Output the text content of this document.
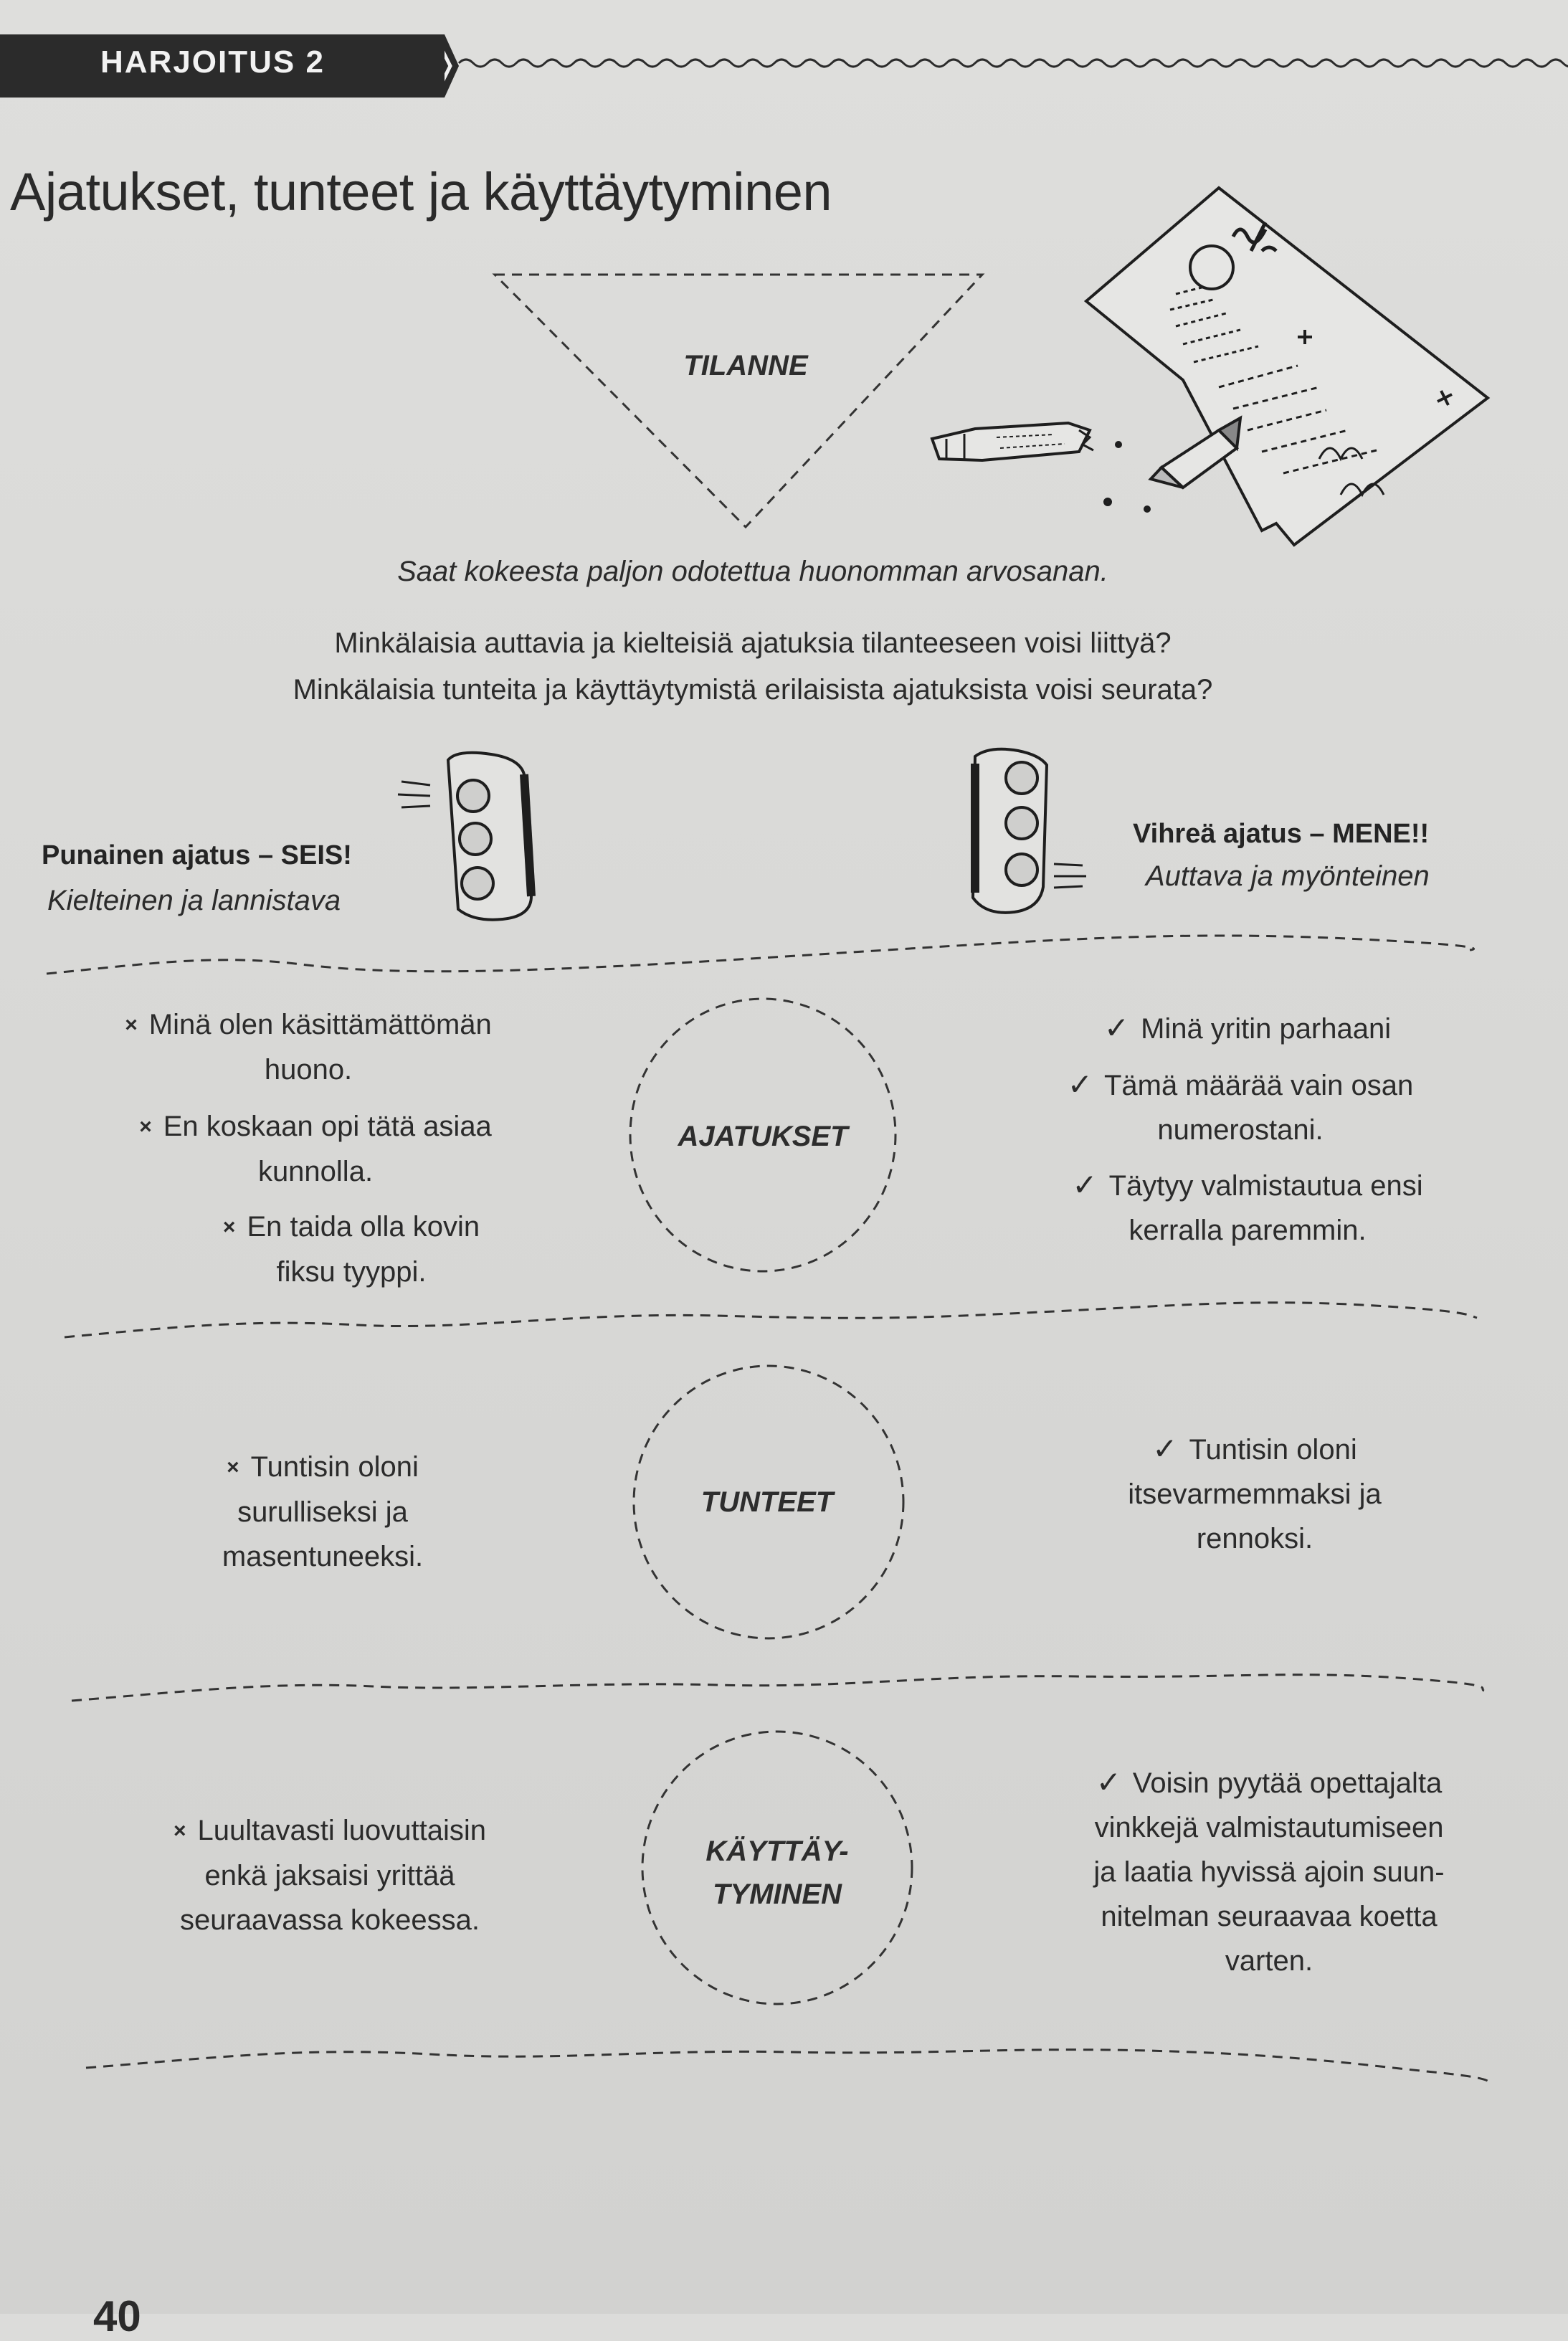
HARJOITUS 2
Ajatukset, tunteet ja käyttäytyminen
TILANNE
Saat kokeesta paljon odotettua huonomman arvosanan.
Minkälaisia auttavia ja kielteisiä ajatuksia tilanteeseen voisi liittyä?
Minkälaisia tunteita ja käyttäytymistä erilaisista ajatuksista voisi seurata?
Punainen ajatus – SEIS!
Kielteinen ja lannistava
Vihreä ajatus – MENE!!
Auttava ja myönteinen
AJATUKSET
× Minä olen käsittämättömän
huono.
× En koskaan opi tätä asiaa
kunnolla.
× En taida olla kovin
fiksu tyyppi.
✓ Minä yritin parhaani
✓ Tämä määrää vain osan
numerostani.
✓ Täytyy valmistautua ensi
kerralla paremmin.
TUNTEET
× Tuntisin oloni
surulliseksi ja
masentuneeksi.
✓ Tuntisin oloni
itsevarmemmaksi ja
rennoksi.
KÄYTTÄY-
TYMINEN
× Luultavasti luovuttaisin
enkä jaksaisi yrittää
seuraavassa kokeessa.
✓ Voisin pyytää opettajalta
vinkkejä valmistautumiseen
ja laatia hyvissä ajoin suun-
nitelman seuraavaa koetta
varten.
40
